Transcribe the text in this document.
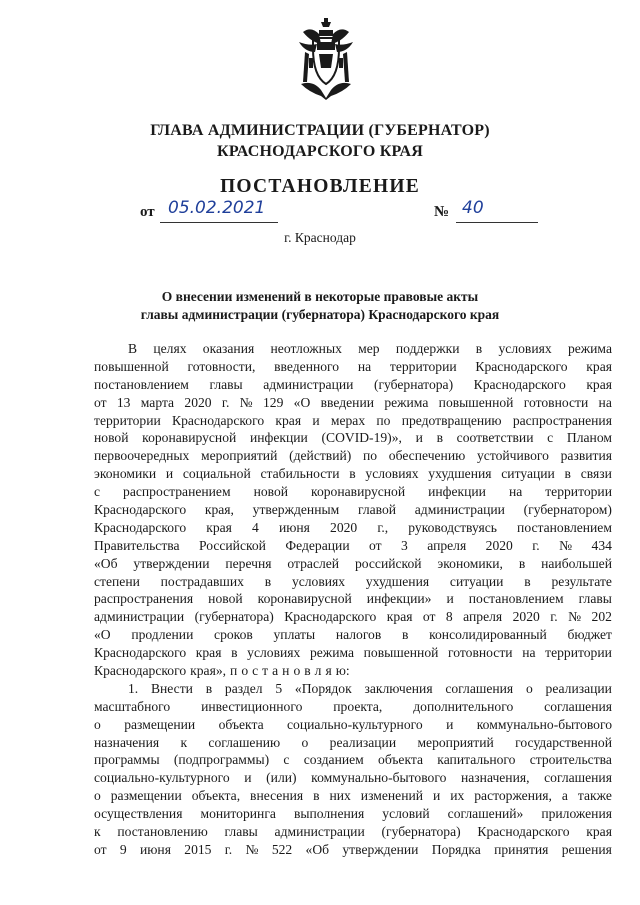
ГЛАВА АДМИНИСТРАЦИИ (ГУБЕРНАТОР)
КРАСНОДАРСКОГО КРАЯ
ПОСТАНОВЛЕНИЕ
от 05.02.2021	№ 40
г. Краснодар
О внесении изменений в некоторые правовые акты
главы администрации (губернатора) Краснодарского края
В целях оказания неотложных мер поддержки в условиях режима
повышенной готовности, введенного на территории Краснодарского края
постановлением главы администрации (губернатора) Краснодарского края
от 13 марта 2020 г. № 129 «О введении режима повышенной готовности на
территории Краснодарского края и мерах по предотвращению распространения
новой коронавирусной инфекции (COVID-19)», и в соответствии с Планом
первоочередных мероприятий (действий) по обеспечению устойчивого развития
экономики и социальной стабильности в условиях ухудшения ситуации в связи
с распространением новой коронавирусной инфекции на территории
Краснодарского края, утвержденным главой администрации (губернатором)
Краснодарского края 4 июня 2020 г., руководствуясь постановлением
Правительства Российской Федерации от 3 апреля 2020 г. № 434
«Об утверждении перечня отраслей российской экономики, в наибольшей
степени пострадавших в условиях ухудшения ситуации в результате
распространения новой коронавирусной инфекции» и постановлением главы
администрации (губернатора) Краснодарского края от 8 апреля 2020 г. № 202
«О продлении сроков уплаты налогов в консолидированный бюджет
Краснодарского края в условиях режима повышенной готовности на территории
Краснодарского края», п о с т а н о в л я ю:
1. Внести в раздел 5 «Порядок заключения соглашения о реализации
масштабного инвестиционного проекта, дополнительного соглашения
о размещении объекта социально-культурного и коммунально-бытового
назначения к соглашению о реализации мероприятий государственной
программы (подпрограммы) с созданием объекта капитального строительства
социально-культурного и (или) коммунально-бытового назначения, соглашения
о размещении объекта, внесения в них изменений и их расторжения, а также
осуществления мониторинга выполнения условий соглашений» приложения
к постановлению главы администрации (губернатора) Краснодарского края
от 9 июня 2015 г. № 522 «Об утверждении Порядка принятия решения
